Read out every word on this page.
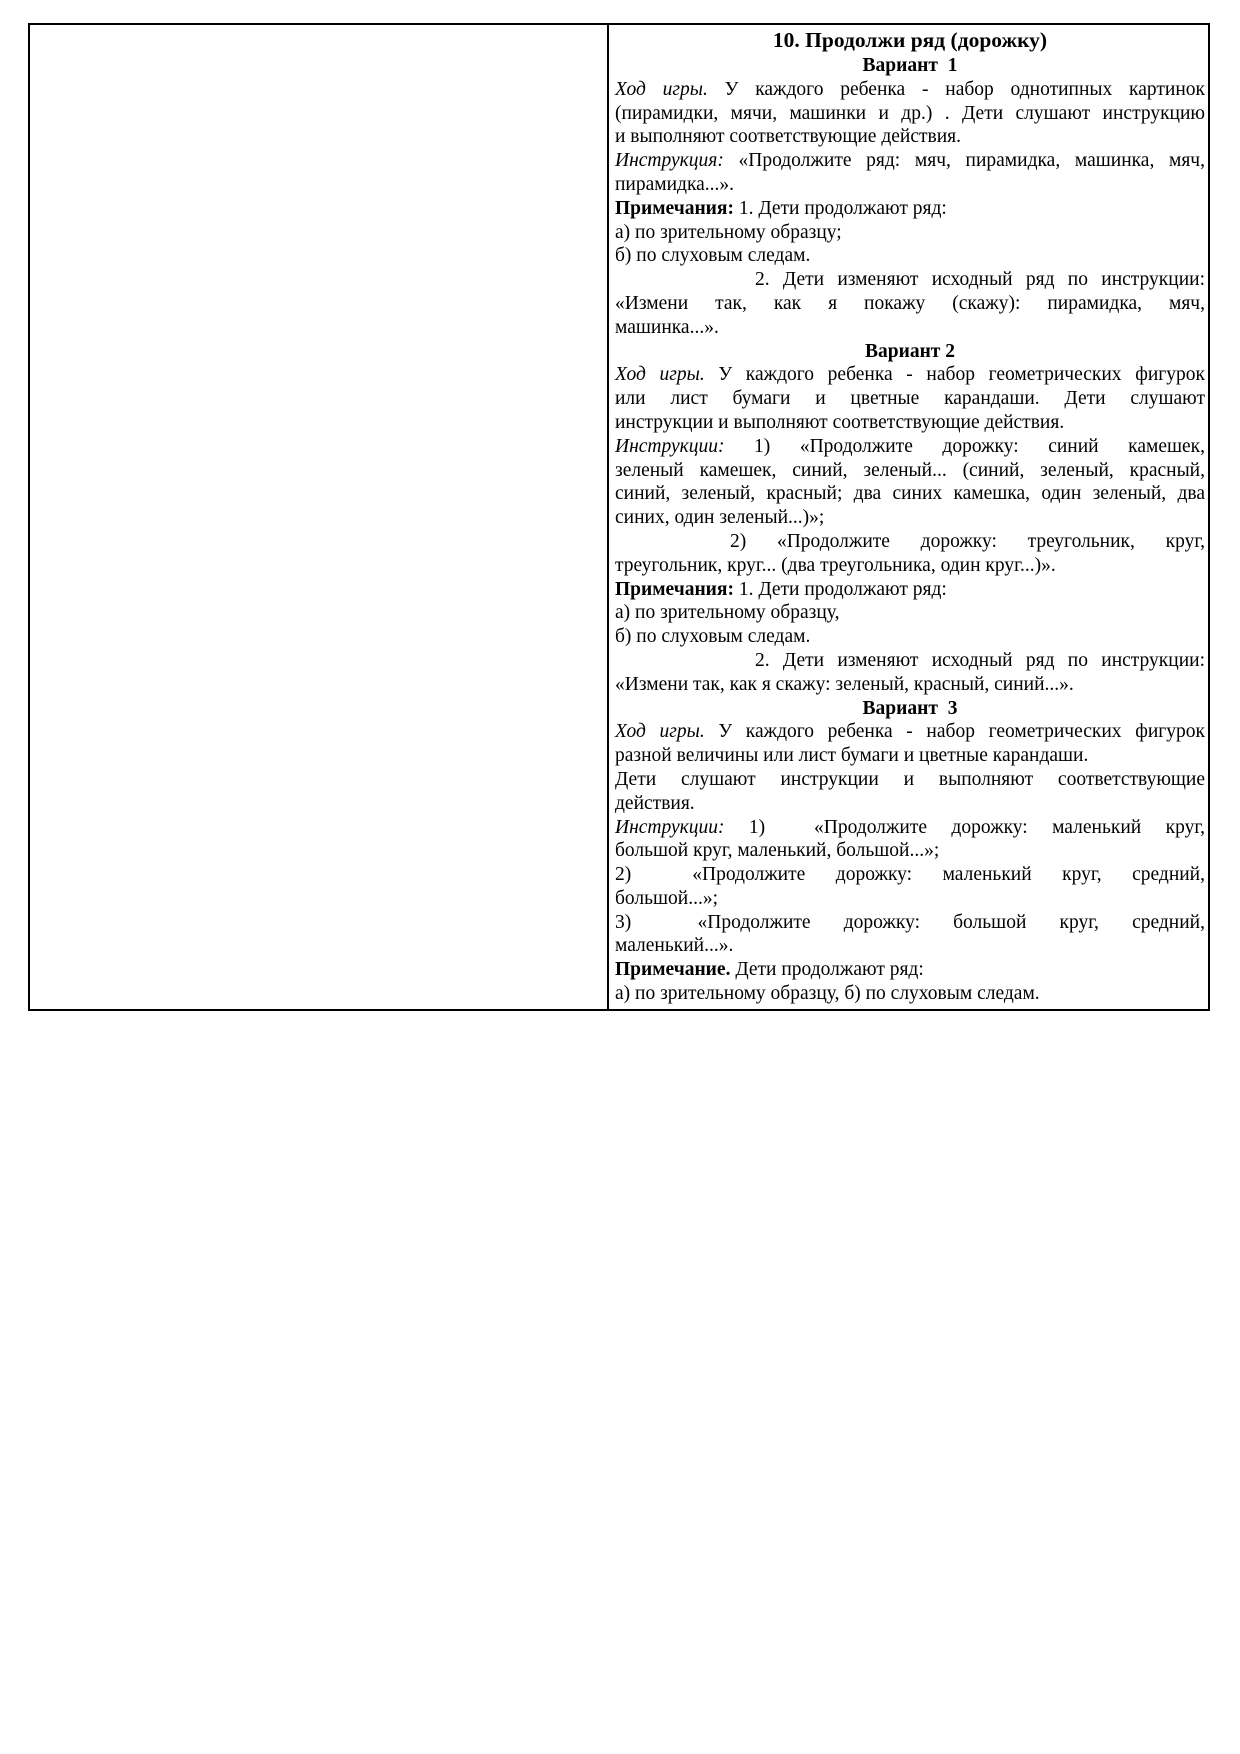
10. Продолжи ряд (дорожку)
Вариант  1
Ход игры. У каждого ребенка - набор однотипных картинок
(пирамидки, мячи, машинки и др.) . Дети слушают инструкцию
и выполняют соответствующие действия.
Инструкция: «Продолжите ряд: мяч, пирамидка, машинка, мяч,
пирамидка...».
Примечания: 1. Дети продолжают ряд:
а) по зрительному образцу;
б) по слуховым следам.
2. Дети изменяют исходный ряд по инструкции:
«Измени так, как я покажу (скажу): пирамидка, мяч,
машинка...».
Вариант 2
Ход игры. У каждого ребенка - набор геометрических фигурок
или лист бумаги и цветные карандаши. Дети слушают
инструкции и выполняют соответствующие действия.
Инструкции: 1) «Продолжите дорожку: синий камешек,
зеленый камешек, синий, зеленый... (синий, зеленый, красный,
синий, зеленый, красный; два синих камешка, один зеленый, два
синих, один зеленый...)»;
2) «Продолжите дорожку: треугольник, круг,
треугольник, круг... (два треугольника, один круг...)».
Примечания: 1. Дети продолжают ряд:
а) по зрительному образцу,
б) по слуховым следам.
2. Дети изменяют исходный ряд по инструкции:
«Измени так, как я скажу: зеленый, красный, синий...».
Вариант  3
Ход игры. У каждого ребенка - набор геометрических фигурок
разной величины или лист бумаги и цветные карандаши.
Дети слушают инструкции и выполняют соответствующие
действия.
Инструкции: 1)  «Продолжите дорожку: маленький круг,
большой круг, маленький, большой...»;
2)  «Продолжите дорожку: маленький круг, средний,
большой...»;
3)  «Продолжите дорожку: большой круг, средний,
маленький...».
Примечание. Дети продолжают ряд:
а) по зрительному образцу, б) по слуховым следам.
